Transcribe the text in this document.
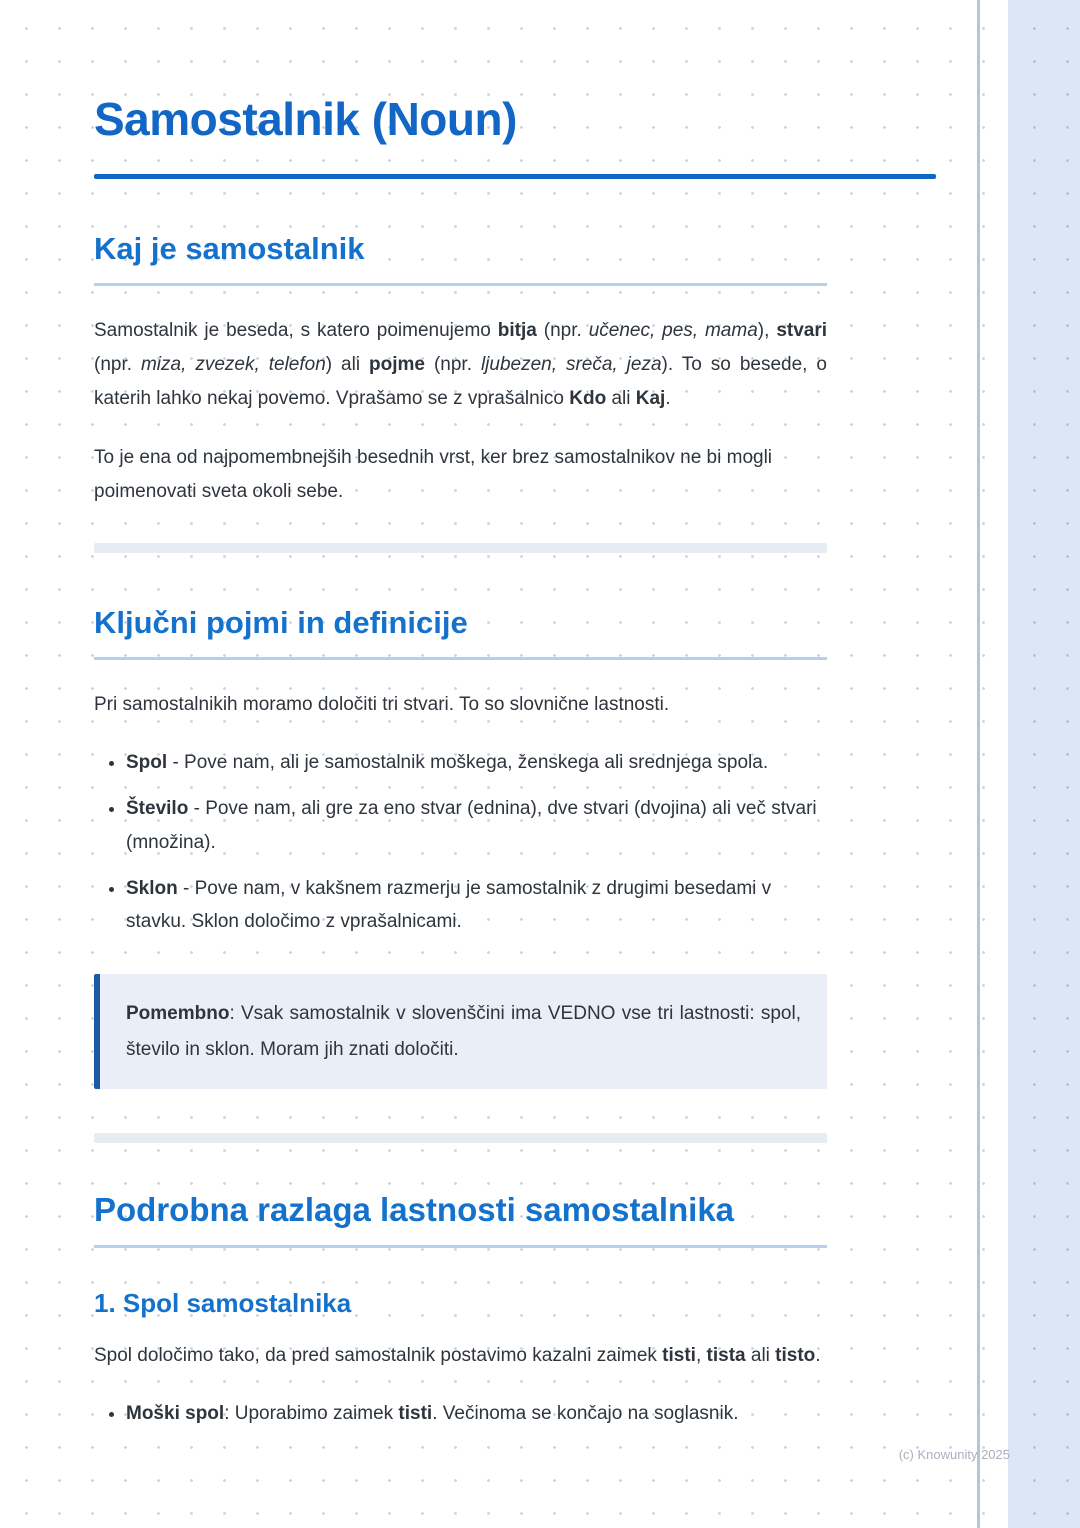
Samostalnik (Noun)
Kaj je samostalnik

Samostalnik je beseda, s katero poimenujemo bitja (npr. učenec, pes, mama), stvari (npr. miza, zvezek, telefon) ali pojme (npr. ljubezen, sreča, jeza). To so besede, o katerih lahko nekaj povemo. Vprašamo se z vprašalnico Kdo ali Kaj.

To je ena od najpomembnejših besednih vrst, ker brez samostalnikov ne bi mogli poimenovati sveta okoli sebe.

Ključni pojmi in definicije

Pri samostalnikih moramo določiti tri stvari. To so slovnične lastnosti.

• Spol - Pove nam, ali je samostalnik moškega, ženskega ali srednjega spola.
• Število - Pove nam, ali gre za eno stvar (ednina), dve stvari (dvojina) ali več stvari (množina).
• Sklon - Pove nam, v kakšnem razmerju je samostalnik z drugimi besedami v stavku. Sklon določimo z vprašalnicami.

Pomembno: Vsak samostalnik v slovenščini ima VEDNO vse tri lastnosti: spol, število in sklon. Moram jih znati določiti.

Podrobna razlaga lastnosti samostalnika
1. Spol samostalnika

Spol določimo tako, da pred samostalnik postavimo kazalni zaimek tisti, tista ali tisto.

• Moški spol: Uporabimo zaimek tisti. Večinoma se končajo na soglasnik.
(c) Knowunity 2025
